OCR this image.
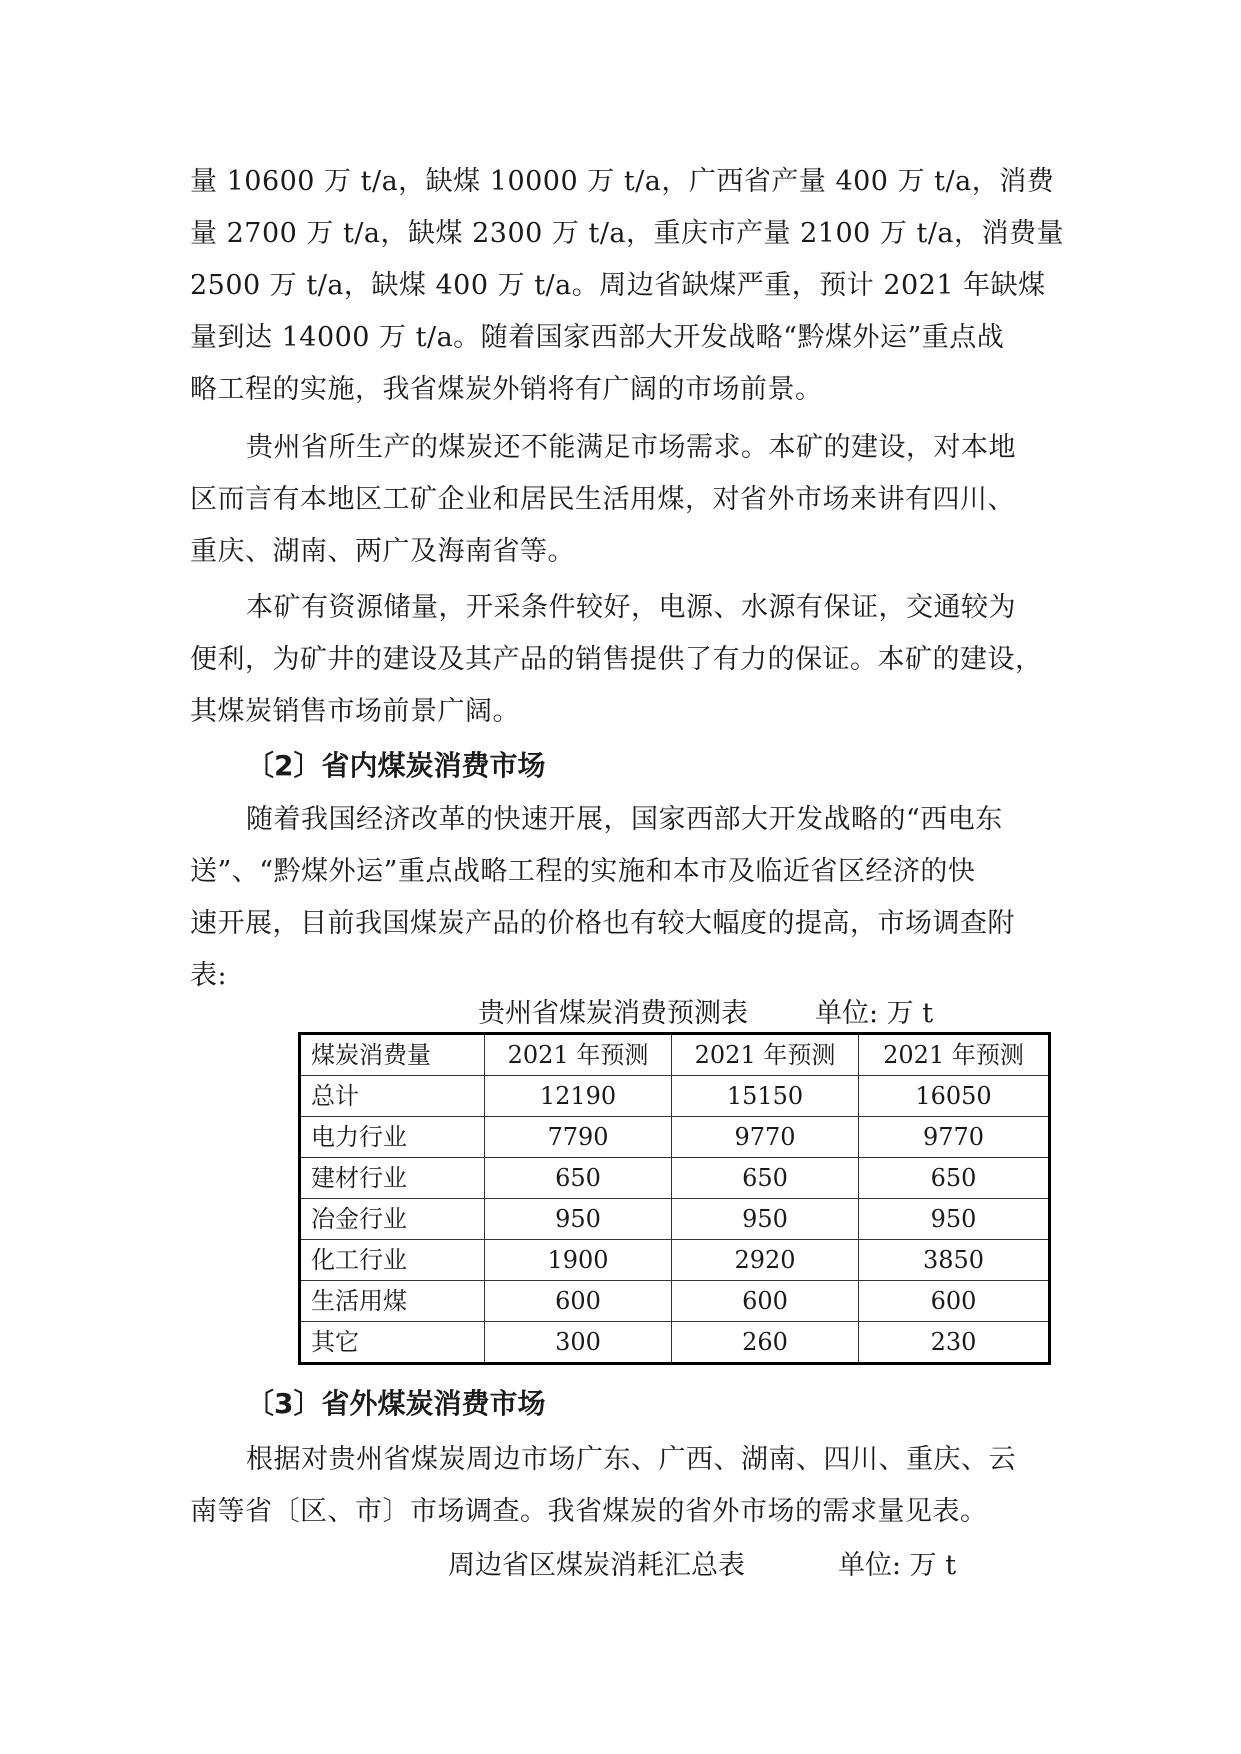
量 10600 万 t/a，缺煤 10000 万 t/a，广西省产量 400 万 t/a，消费
量 2700 万 t/a，缺煤 2300 万 t/a，重庆市产量 2100 万 t/a，消费量
2500 万 t/a，缺煤 400 万 t/a。周边省缺煤严重，预计 2021 年缺煤
量到达 14000 万 t/a。随着国家西部大开发战略“黔煤外运”重点战
略工程的实施，我省煤炭外销将有广阔的市场前景。
贵州省所生产的煤炭还不能满足市场需求。本矿的建设，对本地
区而言有本地区工矿企业和居民生活用煤，对省外市场来讲有四川、
重庆、湖南、两广及海南省等。
本矿有资源储量，开采条件较好，电源、水源有保证，交通较为
便利，为矿井的建设及其产品的销售提供了有力的保证。本矿的建设，
其煤炭销售市场前景广阔。
〔2〕省内煤炭消费市场
随着我国经济改革的快速开展，国家西部大开发战略的“西电东
送”、“黔煤外运”重点战略工程的实施和本市及临近省区经济的快
速开展，目前我国煤炭产品的价格也有较大幅度的提高，市场调查附
表:
贵州省煤炭消费预测表 单位: 万 t
煤炭消费量	2021 年预测	2021 年预测	2021 年预测
总计	12190	15150	16050
电力行业	7790	9770	9770
建材行业	650	650	650
冶金行业	950	950	950
化工行业	1900	2920	3850
生活用煤	600	600	600
其它	300	260	230
〔3〕省外煤炭消费市场
根据对贵州省煤炭周边市场广东、广西、湖南、四川、重庆、云
南等省〔区、市〕市场调查。我省煤炭的省外市场的需求量见表。
周边省区煤炭消耗汇总表	单位: 万 t
